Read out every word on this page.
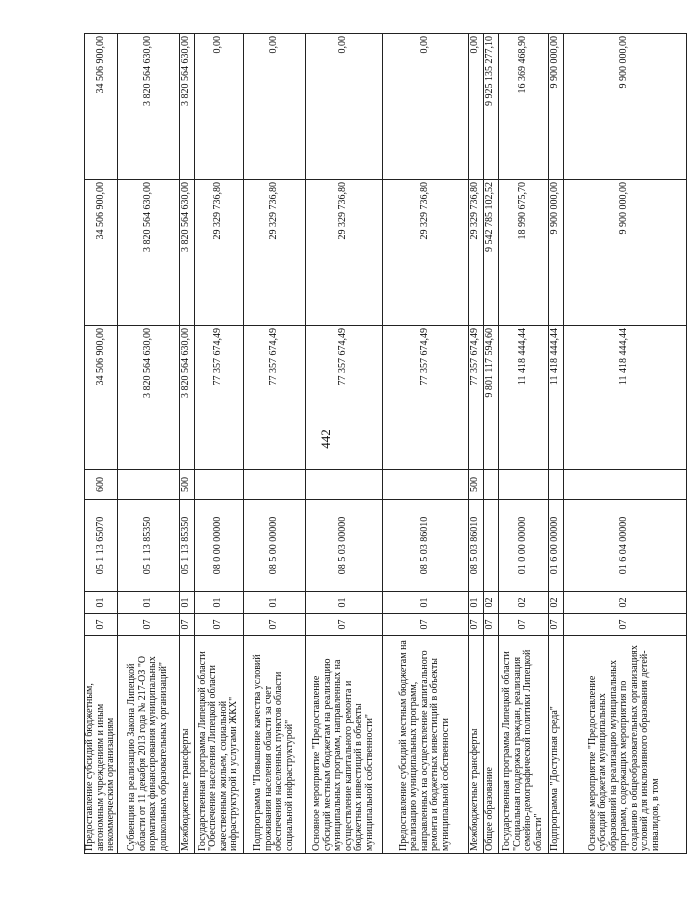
442
Предоставление субсидий бюджетным, автономным учреждениям и иным некоммерческим организациям	07	01	05 1 13 65070	600	34 506 900,00	34 506 900,00	34 506 900,00
Субвенция на реализацию Закона Липецкой области от 11 декабря 2013 года № 217-ОЗ "О нормативах финансирования муниципальных дошкольных образовательных организаций"	07	01	05 1 13 85350		3 820 564 630,00	3 820 564 630,00	3 820 564 630,00
Межбюджетные трансферты	07	01	05 1 13 85350	500	3 820 564 630,00	3 820 564 630,00	3 820 564 630,00
Государственная программа Липецкой области "Обеспечение населения Липецкой области качественным жильем, социальной инфраструктурой и услугами ЖКХ"	07	01	08 0 00 00000		77 357 674,49	29 329 736,80	0,00
Подпрограмма "Повышение качества условий проживания населения области за счет обеспечения населенных пунктов области социальной инфраструктурой"	07	01	08 5 00 00000		77 357 674,49	29 329 736,80	0,00
Основное мероприятие "Предоставление субсидий местным бюджетам на реализацию муниципальных программ, направленных на осуществление капитального ремонта и бюджетных инвестиций в объекты муниципальной собственности"	07	01	08 5 03 00000		77 357 674,49	29 329 736,80	0,00
Предоставление субсидий местным бюджетам на реализацию муниципальных программ, направленных на осуществление капитального ремонта и бюджетных инвестиций в объекты муниципальной собственности	07	01	08 5 03 86010		77 357 674,49	29 329 736,80	0,00
Межбюджетные трансферты	07	01	08 5 03 86010	500	77 357 674,49	29 329 736,80	0,00
Общее образование	07	02			9 801 117 594,60	9 542 785 102,52	9 925 135 277,10
Государственная программа Липецкой области "Социальная поддержка граждан, реализация семейно-демографической политики Липецкой области"	07	02	01 0 00 00000		11 418 444,44	18 990 675,70	16 369 468,90
Подпрограмма "Доступная среда"	07	02	01 6 00 00000		11 418 444,44	9 900 000,00	9 900 000,00
Основное мероприятие "Предоставление субсидий бюджетам муниципальных образований на реализацию муниципальных программ, содержащих мероприятия по созданию в общеобразовательных организациях условий для инклюзивного образования детей-инвалидов, в том	07	02	01 6 04 00000		11 418 444,44	9 900 000,00	9 900 000,00
